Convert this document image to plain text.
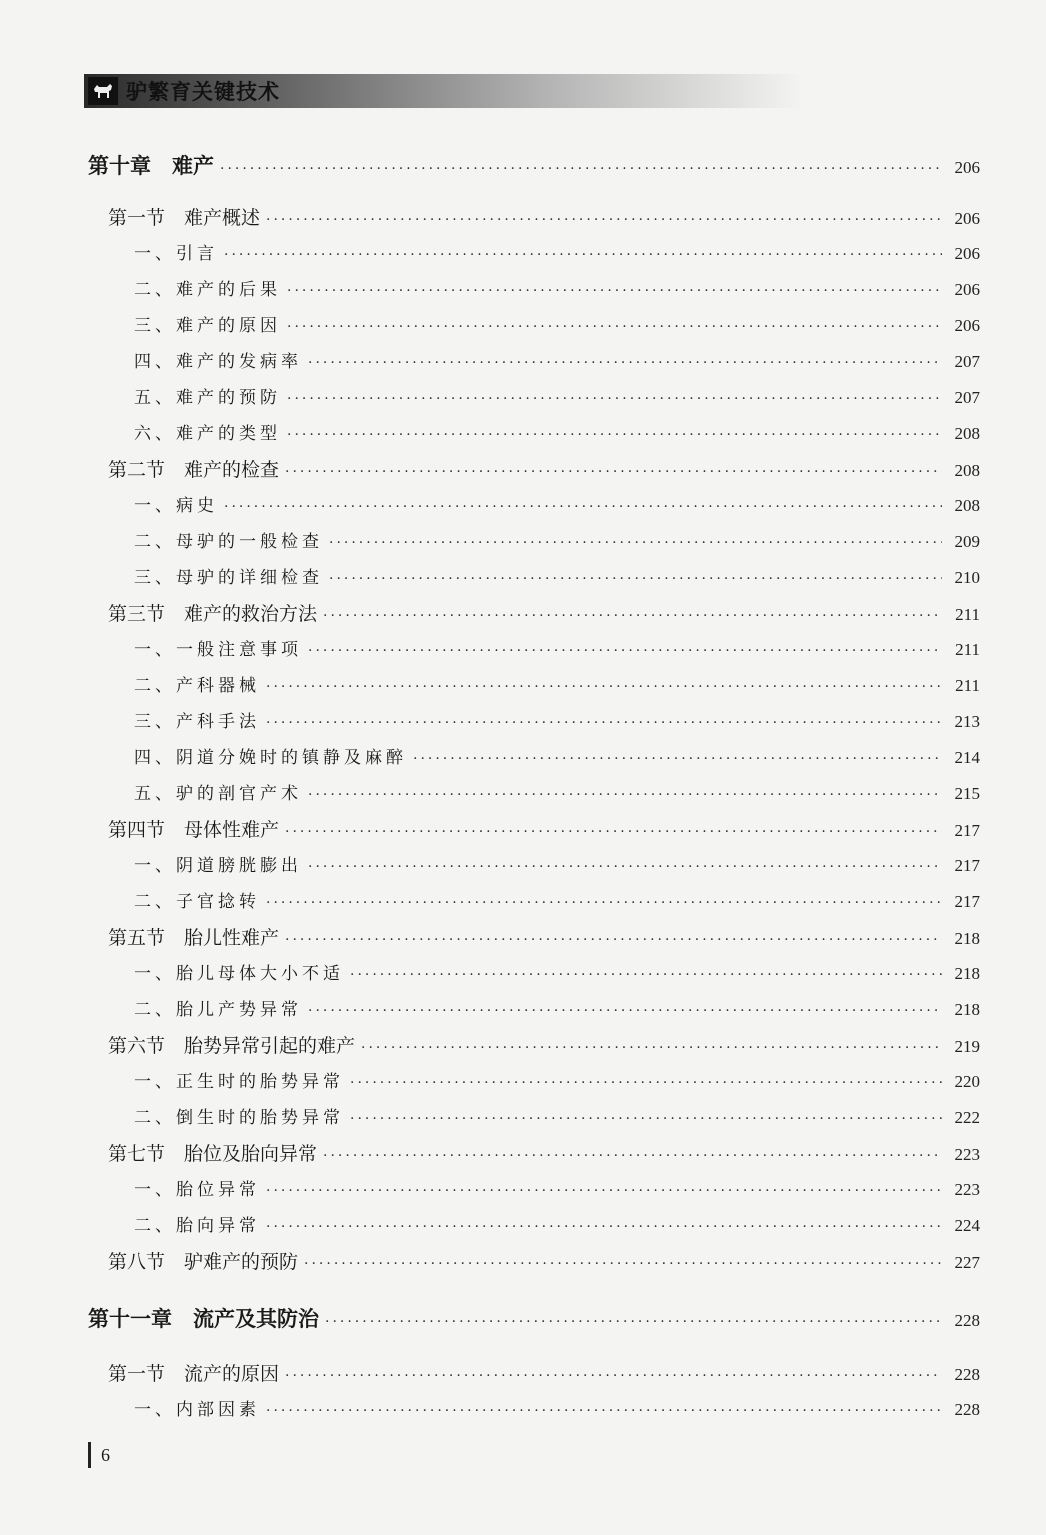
驴繁育关键技术
第十章　难产 ·····	206
第一节　难产概述 ·····	206
一、引言 ·····	206
二、难产的后果 ·····	206
三、难产的原因 ·····	206
四、难产的发病率 ·····	207
五、难产的预防 ·····	207
六、难产的类型 ·····	208
第二节　难产的检查 ·····	208
一、病史 ·····	208
二、母驴的一般检查 ·····	209
三、母驴的详细检查 ·····	210
第三节　难产的救治方法 ·····	211
一、一般注意事项 ·····	211
二、产科器械 ·····	211
三、产科手法 ·····	213
四、阴道分娩时的镇静及麻醉 ·····	214
五、驴的剖官产术 ·····	215
第四节　母体性难产 ·····	217
一、阴道膀胱膨出 ·····	217
二、子官捻转 ·····	217
第五节　胎儿性难产 ·····	218
一、胎儿母体大小不适 ·····	218
二、胎儿产势异常 ·····	218
第六节　胎势异常引起的难产 ·····	219
一、正生时的胎势异常 ·····	220
二、倒生时的胎势异常 ·····	222
第七节　胎位及胎向异常 ·····	223
一、胎位异常 ·····	223
二、胎向异常 ·····	224
第八节　驴难产的预防 ·····	227
第十一章　流产及其防治 ·····	228
第一节　流产的原因 ·····	228
一、内部因素 ·····	228
6
